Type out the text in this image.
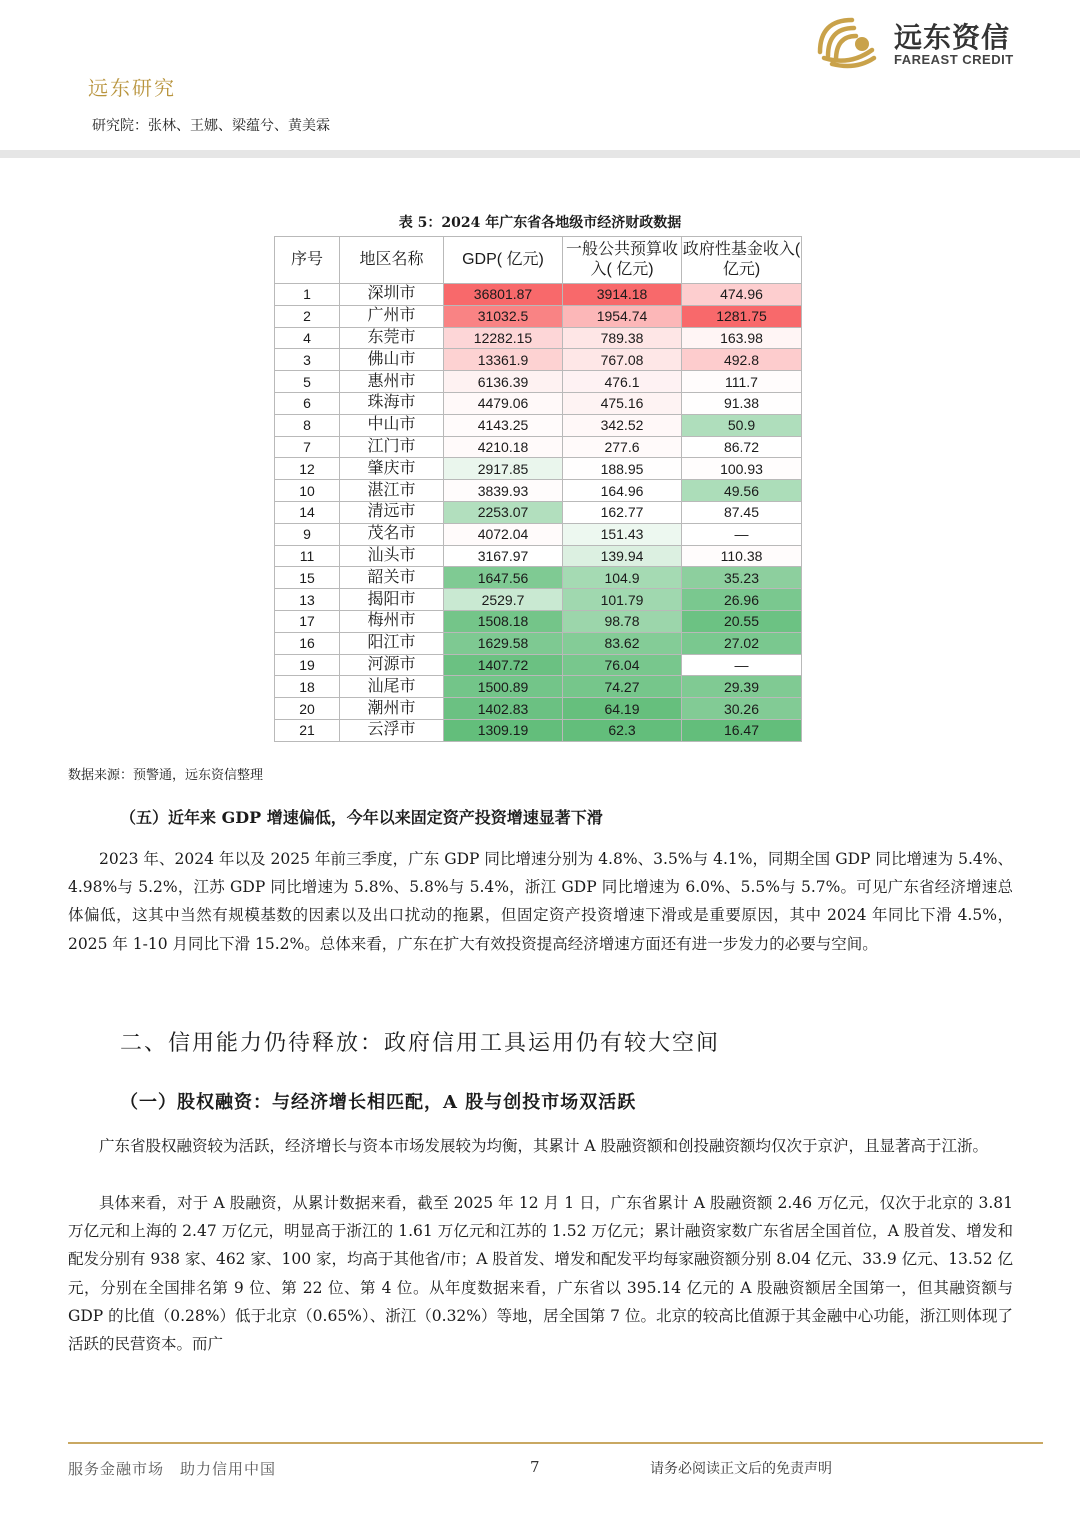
远东研究
研究院：张林、王娜、梁蕴兮、黄美霖
远东资信
FAREAST CREDIT
表 5：2024 年广东省各地级市经济财政数据
序号	地区名称	GDP( 亿元)	一般公共预算收入( 亿元)	政府性基金收入( 亿元)
1	深圳市	36801.87	3914.18	474.96
2	广州市	31032.5	1954.74	1281.75
4	东莞市	12282.15	789.38	163.98
3	佛山市	13361.9	767.08	492.8
5	惠州市	6136.39	476.1	111.7
6	珠海市	4479.06	475.16	91.38
8	中山市	4143.25	342.52	50.9
7	江门市	4210.18	277.6	86.72
12	肇庆市	2917.85	188.95	100.93
10	湛江市	3839.93	164.96	49.56
14	清远市	2253.07	162.77	87.45
9	茂名市	4072.04	151.43	—
11	汕头市	3167.97	139.94	110.38
15	韶关市	1647.56	104.9	35.23
13	揭阳市	2529.7	101.79	26.96
17	梅州市	1508.18	98.78	20.55
16	阳江市	1629.58	83.62	27.02
19	河源市	1407.72	76.04	—
18	汕尾市	1500.89	74.27	29.39
20	潮州市	1402.83	64.19	30.26
21	云浮市	1309.19	62.3	16.47
数据来源：预警通，远东资信整理
（五）近年来 GDP 增速偏低，今年以来固定资产投资增速显著下滑
2023 年、2024 年以及 2025 年前三季度，广东 GDP 同比增速分别为 4.8%、3.5%与 4.1%，同期全国 GDP 同比增速为 5.4%、4.98%与 5.2%，江苏 GDP 同比增速为 5.8%、5.8%与 5.4%，浙江 GDP 同比增速为 6.0%、5.5%与 5.7%。可见广东省经济增速总体偏低，这其中当然有规模基数的因素以及出口扰动的拖累，但固定资产投资增速下滑或是重要原因，其中 2024 年同比下滑 4.5%，2025 年 1-10 月同比下滑 15.2%。总体来看，广东在扩大有效投资提高经济增速方面还有进一步发力的必要与空间。
二、信用能力仍待释放：政府信用工具运用仍有较大空间
（一）股权融资：与经济增长相匹配，A 股与创投市场双活跃
广东省股权融资较为活跃，经济增长与资本市场发展较为均衡，其累计 A 股融资额和创投融资额均仅次于京沪，且显著高于江浙。
具体来看，对于 A 股融资，从累计数据来看，截至 2025 年 12 月 1 日，广东省累计 A 股融资额 2.46 万亿元，仅次于北京的 3.81 万亿元和上海的 2.47 万亿元，明显高于浙江的 1.61 万亿元和江苏的 1.52 万亿元；累计融资家数广东省居全国首位，A 股首发、增发和配发分别有 938 家、462 家、100 家，均高于其他省/市；A 股首发、增发和配发平均每家融资额分别 8.04 亿元、33.9 亿元、13.52 亿元，分别在全国排名第 9 位、第 22 位、第 4 位。从年度数据来看，广东省以 395.14 亿元的 A 股融资额居全国第一，但其融资额与 GDP 的比值（0.28%）低于北京（0.65%）、浙江（0.32%）等地，居全国第 7 位。北京的较高比值源于其金融中心功能，浙江则体现了活跃的民营资本。而广
服务金融市场　助力信用中国	7	请务必阅读正文后的免责声明
